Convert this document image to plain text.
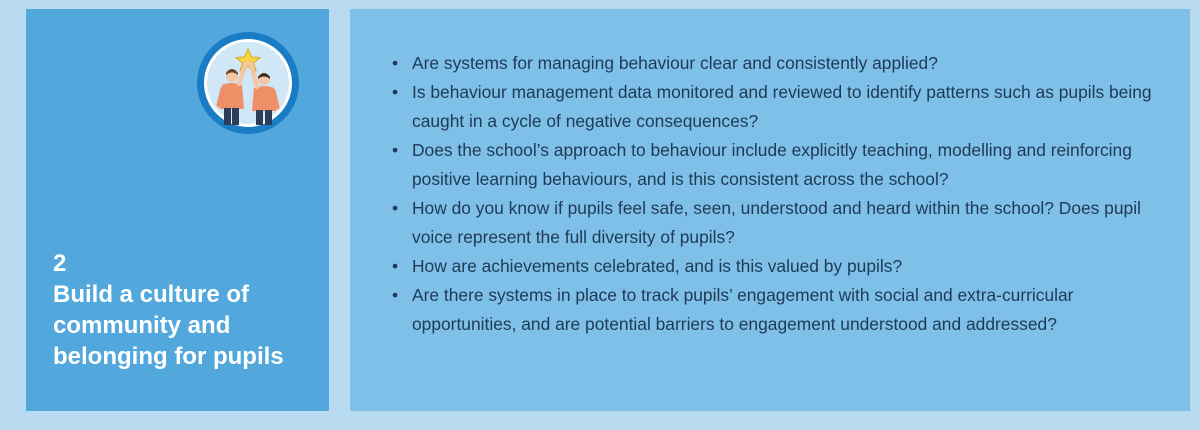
2
Build a culture of community and belonging for pupils
• Are systems for managing behaviour clear and consistently applied?
• Is behaviour management data monitored and reviewed to identify patterns such as pupils being caught in a cycle of negative consequences?
• Does the school’s approach to behaviour include explicitly teaching, modelling and reinforcing positive learning behaviours, and is this consistent across the school?
• How do you know if pupils feel safe, seen, understood and heard within the school? Does pupil voice represent the full diversity of pupils?
• How are achievements celebrated, and is this valued by pupils?
• Are there systems in place to track pupils’ engagement with social and extra-curricular opportunities, and are potential barriers to engagement understood and addressed?
